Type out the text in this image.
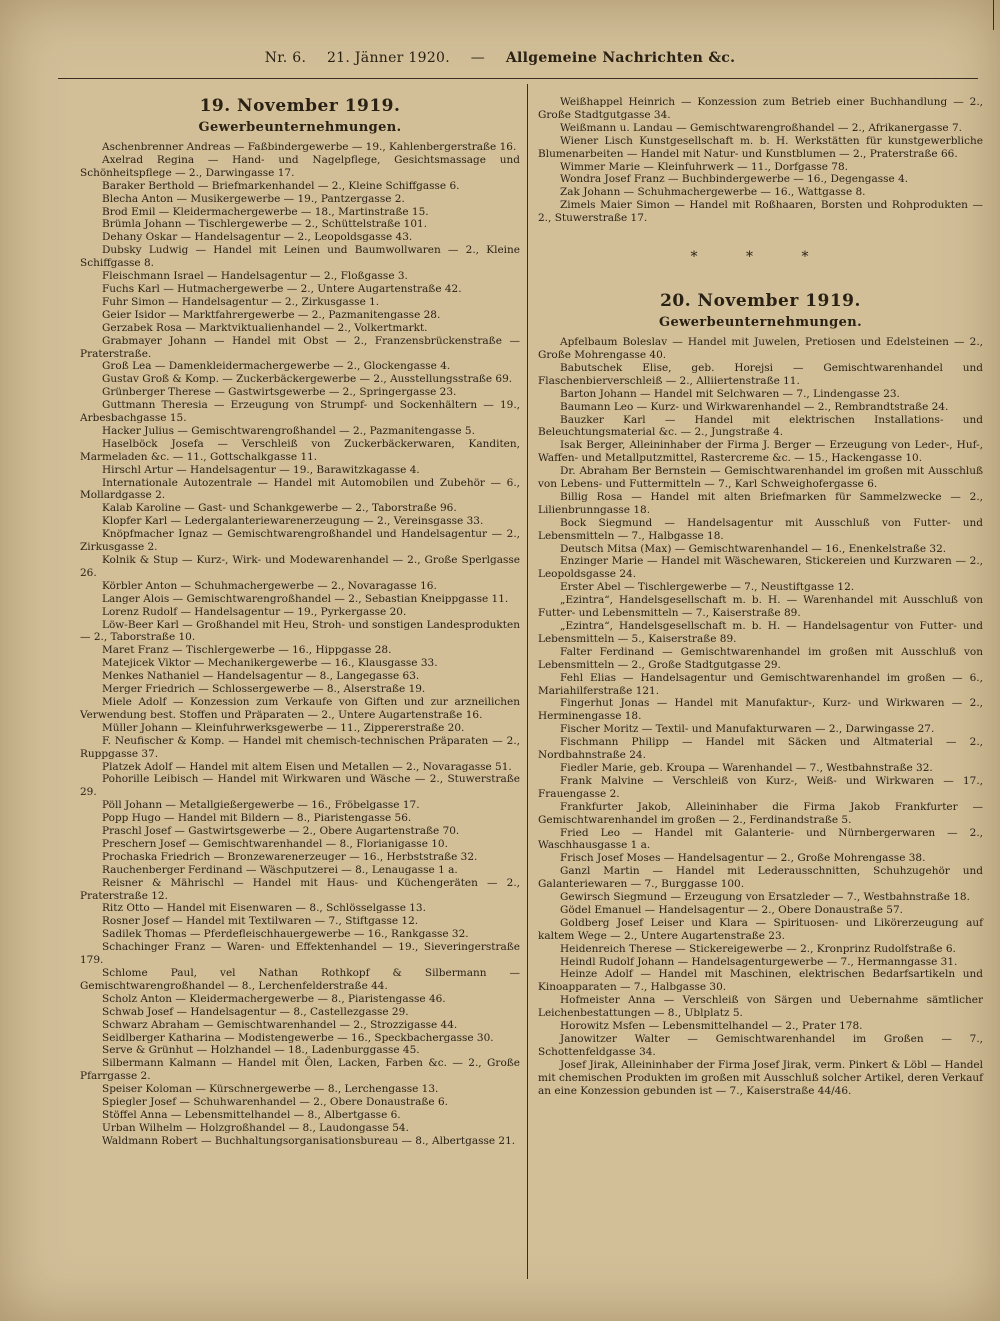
Nr. 6. 21. Jänner 1920. — Allgemeine Nachrichten &c.
19. November 1919.
Gewerbeunternehmungen.

Aschenbrenner Andreas — Faßbindergewerbe — 19., Kahlenbergerstraße 16.

Axelrad Regina — Hand- und Nagelpflege, Gesichtsmassage und Schönheitspflege — 2., Darwingasse 17.

Baraker Berthold — Briefmarkenhandel — 2., Kleine Schiffgasse 6.

Blecha Anton — Musikergewerbe — 19., Pantzergasse 2.

Brod Emil — Kleidermachergewerbe — 18., Martinstraße 15.

Brümla Johann — Tischlergewerbe — 2., Schüttelstraße 101.

Dehany Oskar — Handelsagentur — 2., Leopoldsgasse 43.

Dubsky Ludwig — Handel mit Leinen und Baumwollwaren — 2., Kleine Schiffgasse 8.

Fleischmann Israel — Handelsagentur — 2., Floßgasse 3.

Fuchs Karl — Hutmachergewerbe — 2., Untere Augartenstraße 42.

Fuhr Simon — Handelsagentur — 2., Zirkusgasse 1.

Geier Isidor — Marktfahrergewerbe — 2., Pazmanitengasse 28.

Gerzabek Rosa — Marktviktualienhandel — 2., Volkertmarkt.

Grabmayer Johann — Handel mit Obst — 2., Franzensbrückenstraße — Praterstraße.

Groß Lea — Damenkleidermachergewerbe — 2., Glockengasse 4.

Gustav Groß & Komp. — Zuckerbäckergewerbe — 2., Ausstellungsstraße 69.

Grünberger Therese — Gastwirtsgewerbe — 2., Springergasse 23.

Guttmann Theresia — Erzeugung von Strumpf- und Sockenhältern — 19., Arbesbachgasse 15.

Hacker Julius — Gemischtwarengroßhandel — 2., Pazmanitengasse 5.

Haselböck Josefa — Verschleiß von Zuckerbäckerwaren, Kanditen, Marmeladen &c. — 11., Gottschalkgasse 11.

Hirschl Artur — Handelsagentur — 19., Barawitzkagasse 4.

Internationale Autozentrale — Handel mit Automobilen und Zubehör — 6., Mollardgasse 2.

Kalab Karoline — Gast- und Schankgewerbe — 2., Taborstraße 96.

Klopfer Karl — Ledergalanteriewarenerzeugung — 2., Vereinsgasse 33.

Knöpfmacher Ignaz — Gemischtwarengroßhandel und Handelsagentur — 2., Zirkusgasse 2.

Kolnik & Stup — Kurz-, Wirk- und Modewarenhandel — 2., Große Sperlgasse 26.

Körbler Anton — Schuhmachergewerbe — 2., Novaragasse 16.

Langer Alois — Gemischtwarengroßhandel — 2., Sebastian Kneippgasse 11.

Lorenz Rudolf — Handelsagentur — 19., Pyrkergasse 20.

Löw-Beer Karl — Großhandel mit Heu, Stroh- und sonstigen Landesprodukten — 2., Taborstraße 10.

Maret Franz — Tischlergewerbe — 16., Hippgasse 28.

Matejicek Viktor — Mechanikergewerbe — 16., Klausgasse 33.

Menkes Nathaniel — Handelsagentur — 8., Langegasse 63.

Merger Friedrich — Schlossergewerbe — 8., Alserstraße 19.

Miele Adolf — Konzession zum Verkaufe von Giften und zur arzneilichen Verwendung best. Stoffen und Präparaten — 2., Untere Augartenstraße 16.

Müller Johann — Kleinfuhrwerksgewerbe — 11., Zippererstraße 20.

F. Neufischer & Komp. — Handel mit chemisch-technischen Präparaten — 2., Ruppgasse 37.

Platzek Adolf — Handel mit altem Eisen und Metallen — 2., Novaragasse 51.

Pohorille Leibisch — Handel mit Wirkwaren und Wäsche — 2., Stuwerstraße 29.

Pöll Johann — Metallgießergewerbe — 16., Fröbelgasse 17.

Popp Hugo — Handel mit Bildern — 8., Piaristengasse 56.

Praschl Josef — Gastwirtsgewerbe — 2., Obere Augartenstraße 70.

Preschern Josef — Gemischtwarenhandel — 8., Florianigasse 10.

Prochaska Friedrich — Bronzewarenerzeuger — 16., Herbststraße 32.

Rauchenberger Ferdinand — Wäschputzerei — 8., Lenaugasse 1 a.

Reisner & Mährischl — Handel mit Haus- und Küchengeräten — 2., Praterstraße 12.

Ritz Otto — Handel mit Eisenwaren — 8., Schlösselgasse 13.

Rosner Josef — Handel mit Textilwaren — 7., Stiftgasse 12.

Sadilek Thomas — Pferdefleischhauergewerbe — 16., Rankgasse 32.

Schachinger Franz — Waren- und Effektenhandel — 19., Sieveringerstraße 179.

Schlome Paul, vel Nathan Rothkopf & Silbermann — Gemischtwarengroßhandel — 8., Lerchenfelderstraße 44.

Scholz Anton — Kleidermachergewerbe — 8., Piaristengasse 46.

Schwab Josef — Handelsagentur — 8., Castellezgasse 29.

Schwarz Abraham — Gemischtwarenhandel — 2., Strozzigasse 44.

Seidlberger Katharina — Modistengewerbe — 16., Speckbachergasse 30.

Serve & Grünhut — Holzhandel — 18., Ladenburggasse 45.

Silbermann Kalmann — Handel mit Ölen, Lacken, Farben &c. — 2., Große Pfarrgasse 2.

Speiser Koloman — Kürschnergewerbe — 8., Lerchengasse 13.

Spiegler Josef — Schuhwarenhandel — 2., Obere Donaustraße 6.

Stöffel Anna — Lebensmittelhandel — 8., Albertgasse 6.

Urban Wilhelm — Holzgroßhandel — 8., Laudongasse 54.

Waldmann Robert — Buchhaltungsorganisationsbureau — 8., Albertgasse 21.

Weißhappel Heinrich — Konzession zum Betrieb einer Buchhandlung — 2., Große Stadtgutgasse 34.

Weißmann u. Landau — Gemischtwarengroßhandel — 2., Afrikanergasse 7.

Wiener Lisch Kunstgesellschaft m. b. H. Werkstätten für kunstgewerbliche Blumenarbeiten — Handel mit Natur- und Kunstblumen — 2., Praterstraße 66.

Wimmer Marie — Kleinfuhrwerk — 11., Dorfgasse 78.

Wondra Josef Franz — Buchbindergewerbe — 16., Degengasse 4.

Zak Johann — Schuhmachergewerbe — 16., Wattgasse 8.

Zimels Maier Simon — Handel mit Roßhaaren, Borsten und Rohprodukten — 2., Stuwerstraße 17.

* * *
20. November 1919.
Gewerbeunternehmungen.

Apfelbaum Boleslav — Handel mit Juwelen, Pretiosen und Edelsteinen — 2., Große Mohrengasse 40.

Babutschek Elise, geb. Horejsi — Gemischtwarenhandel und Flaschenbierverschleiß — 2., Alliiertenstraße 11.

Barton Johann — Handel mit Selchwaren — 7., Lindengasse 23.

Baumann Leo — Kurz- und Wirkwarenhandel — 2., Rembrandtstraße 24.

Bauzker Karl — Handel mit elektrischen Installations- und Beleuchtungsmaterial &c. — 2., Jungstraße 4.

Isak Berger, Alleininhaber der Firma J. Berger — Erzeugung von Leder-, Huf-, Waffen- und Metallputzmittel, Rastercreme &c. — 15., Hackengasse 10.

Dr. Abraham Ber Bernstein — Gemischtwarenhandel im großen mit Ausschluß von Lebens- und Futtermitteln — 7., Karl Schweighofergasse 6.

Billig Rosa — Handel mit alten Briefmarken für Sammelzwecke — 2., Lilienbrunngasse 18.

Bock Siegmund — Handelsagentur mit Ausschluß von Futter- und Lebensmitteln — 7., Halbgasse 18.

Deutsch Mitsa (Max) — Gemischtwarenhandel — 16., Enenkelstraße 32.

Enzinger Marie — Handel mit Wäschewaren, Stickereien und Kurzwaren — 2., Leopoldsgasse 24.

Erster Abel — Tischlergewerbe — 7., Neustiftgasse 12.

„Ezintra“, Handelsgesellschaft m. b. H. — Warenhandel mit Ausschluß von Futter- und Lebensmitteln — 7., Kaiserstraße 89.

„Ezintra“, Handelsgesellschaft m. b. H. — Handelsagentur von Futter- und Lebensmitteln — 5., Kaiserstraße 89.

Falter Ferdinand — Gemischtwarenhandel im großen mit Ausschluß von Lebensmitteln — 2., Große Stadtgutgasse 29.

Fehl Elias — Handelsagentur und Gemischtwarenhandel im großen — 6., Mariahilferstraße 121.

Fingerhut Jonas — Handel mit Manufaktur-, Kurz- und Wirkwaren — 2., Herminengasse 18.

Fischer Moritz — Textil- und Manufakturwaren — 2., Darwingasse 27.

Fischmann Philipp — Handel mit Säcken und Altmaterial — 2., Nordbahnstraße 24.

Fiedler Marie, geb. Kroupa — Warenhandel — 7., Westbahnstraße 32.

Frank Malvine — Verschleiß von Kurz-, Weiß- und Wirkwaren — 17., Frauengasse 2.

Frankfurter Jakob, Alleininhaber die Firma Jakob Frankfurter — Gemischtwarenhandel im großen — 2., Ferdinandstraße 5.

Fried Leo — Handel mit Galanterie- und Nürnbergerwaren — 2., Waschhausgasse 1 a.

Frisch Josef Moses — Handelsagentur — 2., Große Mohrengasse 38.

Ganzl Martin — Handel mit Lederausschnitten, Schuhzugehör und Galanteriewaren — 7., Burggasse 100.

Gewirsch Siegmund — Erzeugung von Ersatzleder — 7., Westbahnstraße 18.

Gödel Emanuel — Handelsagentur — 2., Obere Donaustraße 57.

Goldberg Josef Leiser und Klara — Spirituosen- und Likörerzeugung auf kaltem Wege — 2., Untere Augartenstraße 23.

Heidenreich Therese — Stickereigewerbe — 2., Kronprinz Rudolfstraße 6.

Heindl Rudolf Johann — Handelsagenturgewerbe — 7., Hermanngasse 31.

Heinze Adolf — Handel mit Maschinen, elektrischen Bedarfsartikeln und Kinoapparaten — 7., Halbgasse 30.

Hofmeister Anna — Verschleiß von Särgen und Uebernahme sämtlicher Leichenbestattungen — 8., Ublplatz 5.

Horowitz Msfen — Lebensmittelhandel — 2., Prater 178.

Janowitzer Walter — Gemischtwarenhandel im Großen — 7., Schottenfeldgasse 34.

Josef Jirak, Alleininhaber der Firma Josef Jirak, verm. Pinkert & Löbl — Handel mit chemischen Produkten im großen mit Ausschluß solcher Artikel, deren Verkauf an eine Konzession gebunden ist — 7., Kaiserstraße 44/46.
